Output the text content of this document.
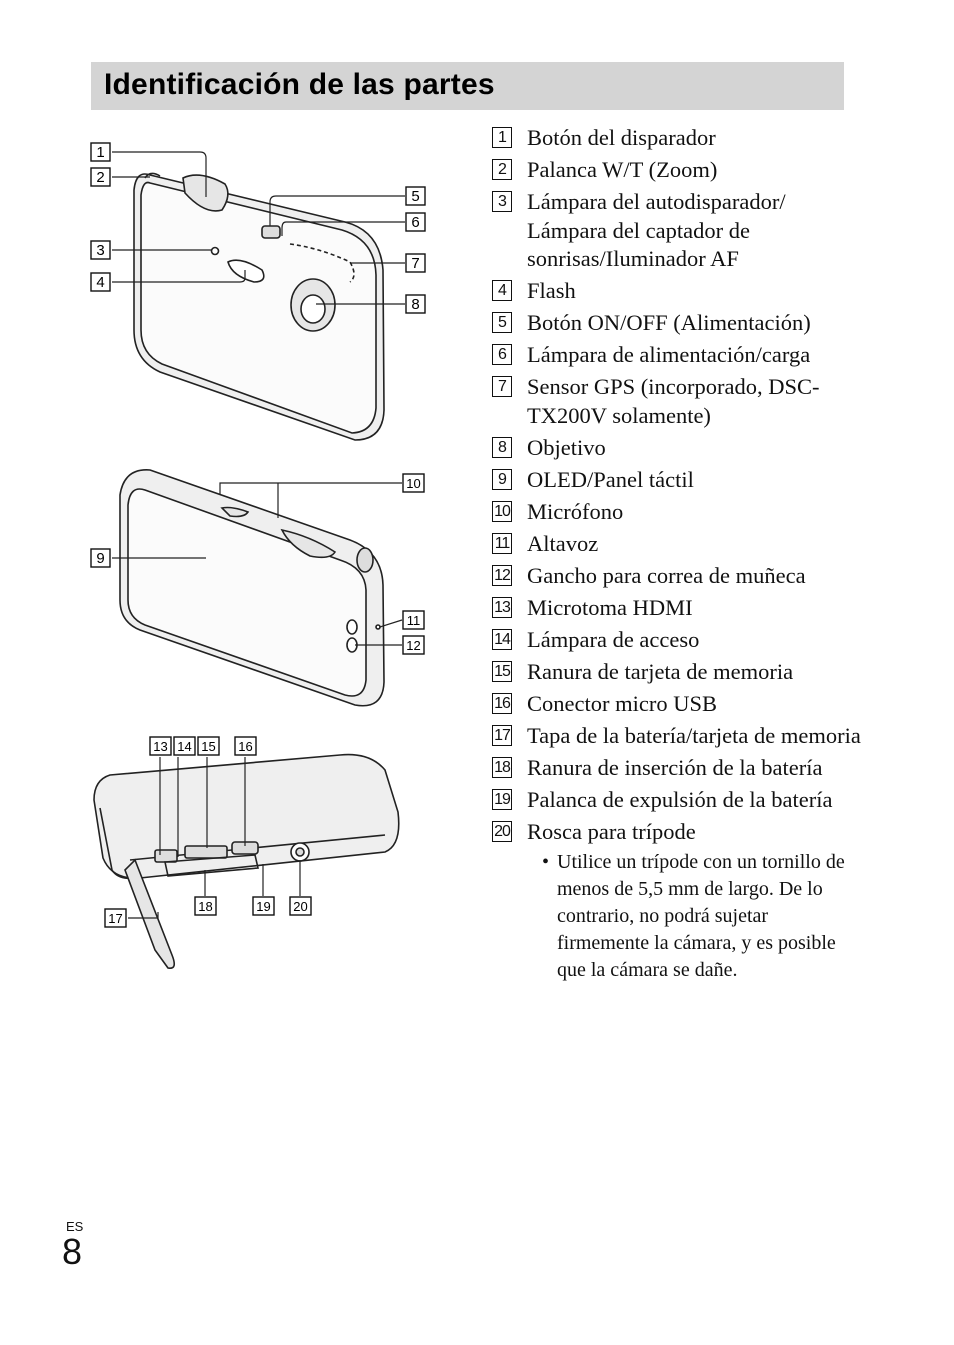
Identificación de las partes
1
2
3
4
5
6
7
8
9
10
11
12
13 14 15 16
17
18	19 20
1 Botón del disparador
2 Palanca W/T (Zoom)
3 Lámpara del autodisparador/ Lámpara del captador de sonrisas/Iluminador AF
4 Flash
5 Botón ON/OFF (Alimentación)
6 Lámpara de alimentación/carga
7 Sensor GPS (incorporado, DSC-TX200V solamente)
8 Objetivo
9 OLED/Panel táctil
10 Micrófono
11 Altavoz
12 Gancho para correa de muñeca
13 Microtoma HDMI
14 Lámpara de acceso
15 Ranura de tarjeta de memoria
16 Conector micro USB
17 Tapa de la batería/tarjeta de memoria
18 Ranura de inserción de la batería
19 Palanca de expulsión de la batería
20 Rosca para trípode
• Utilice un trípode con un tornillo de menos de 5,5 mm de largo. De lo contrario, no podrá sujetar firmemente la cámara, y es posible que la cámara se dañe.
ES
8
